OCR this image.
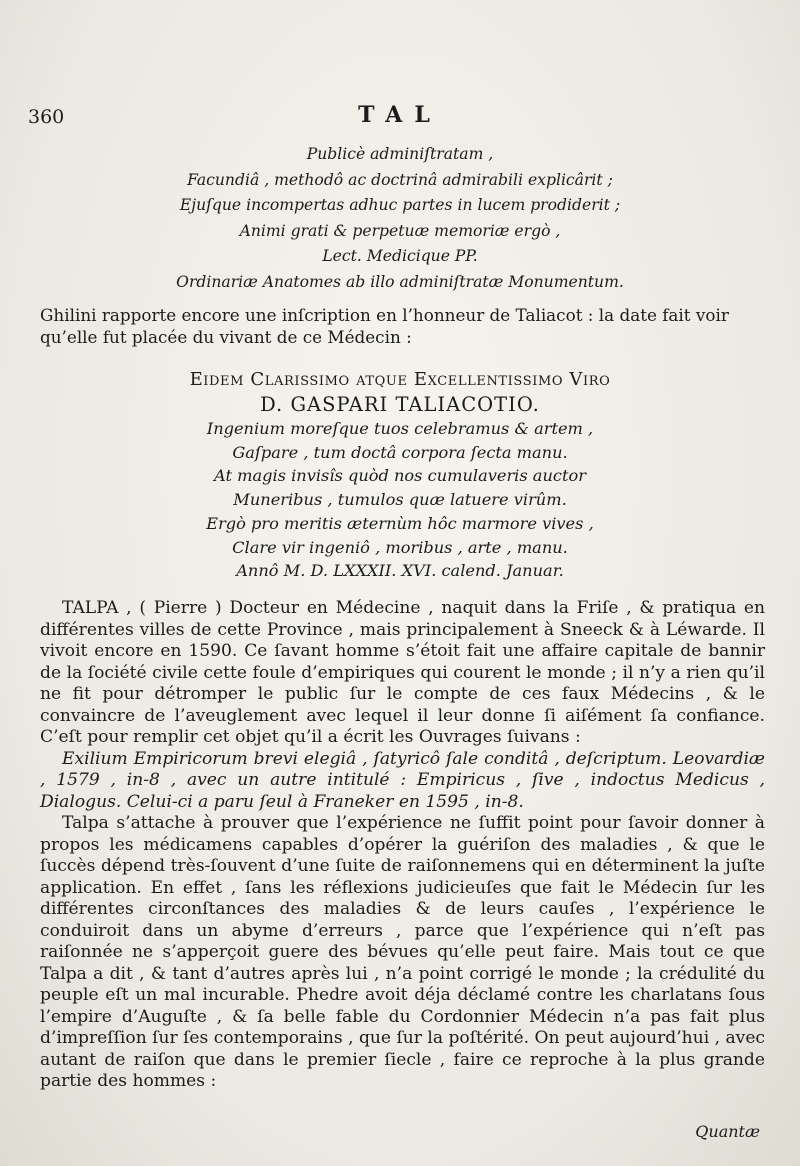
360	TAL
Publicè adminiſtratam ,
Facundiâ , methodô ac doctrinâ admirabili explicârit ;
Ejuſque incompertas adhuc partes in lucem prodiderit ;
Animi grati & perpetuæ memoriæ ergò ,
Lect. Medicique PP.
Ordinariæ Anatomes ab illo adminiſtratæ Monumentum.
Ghilini rapporte encore une inſcription en l’honneur de Taliacot : la date fait voir
qu’elle fut placée du vivant de ce Médecin :
Eidem Clarissimo atque Excellentissimo Viro
D. GASPARI TALIACOTIO.
Ingenium moreſque tuos celebramus & artem ,
Gaſpare , tum doctâ corpora ſecta manu.
At magis invisîs quòd nos cumulaveris auctor
Muneribus , tumulos quæ latuere virûm.
Ergò pro meritis æternùm hôc marmore vives ,
Clare vir ingeniô , moribus , arte , manu.
Annô M. D. LXXXII. XVI. calend. Januar.

TALPA , ( Pierre ) Docteur en Médecine , naquit dans la Friſe , & pratiqua en différentes villes de cette Province , mais principalement à Sneeck & à Léwarde. Il vivoit encore en 1590. Ce ſavant homme s’étoit fait une affaire capitale de bannir de la ſociété civile cette foule d’empiriques qui courent le monde ; il n’y a rien qu’il ne fit pour détromper le public ſur le compte de ces faux Médecins , & le convaincre de l’aveuglement avec lequel il leur donne ſi aiſément ſa confiance. C’eſt pour remplir cet objet qu’il a écrit les Ouvrages ſuivans :

Exilium Empiricorum brevi elegiâ , ſatyricô ſale conditâ , deſcriptum. Leovardiæ , 1579 , in-8 , avec un autre intitulé : Empiricus , ſive , indoctus Medicus , Dialogus. Celui-ci a paru ſeul à Franeker en 1595 , in-8.

Talpa s’attache à prouver que l’expérience ne ſuffit point pour ſavoir donner à propos les médicamens capables d’opérer la guériſon des maladies , & que le ſuccès dépend très-ſouvent d’une ſuite de raiſonnemens qui en déterminent la juſte application. En effet , ſans les réflexions judicieuſes que fait le Médecin ſur les différentes circonſtances des maladies & de leurs cauſes , l’expérience le conduiroit dans un abyme d’erreurs , parce que l’expérience qui n’eſt pas raiſonnée ne s’apperçoit guere des bévues qu’elle peut faire. Mais tout ce que Talpa a dit , & tant d’autres après lui , n’a point corrigé le monde ; la crédulité du peuple eſt un mal incurable. Phedre avoit déja déclamé contre les charlatans ſous l’empire d’Auguſte , & ſa belle fable du Cordonnier Médecin n’a pas fait plus d’impreſſion ſur ſes contemporains , que ſur la poſtérité. On peut aujourd’hui , avec autant de raiſon que dans le premier ſiecle , faire ce reproche à la plus grande partie des hommes :

Quantæ
